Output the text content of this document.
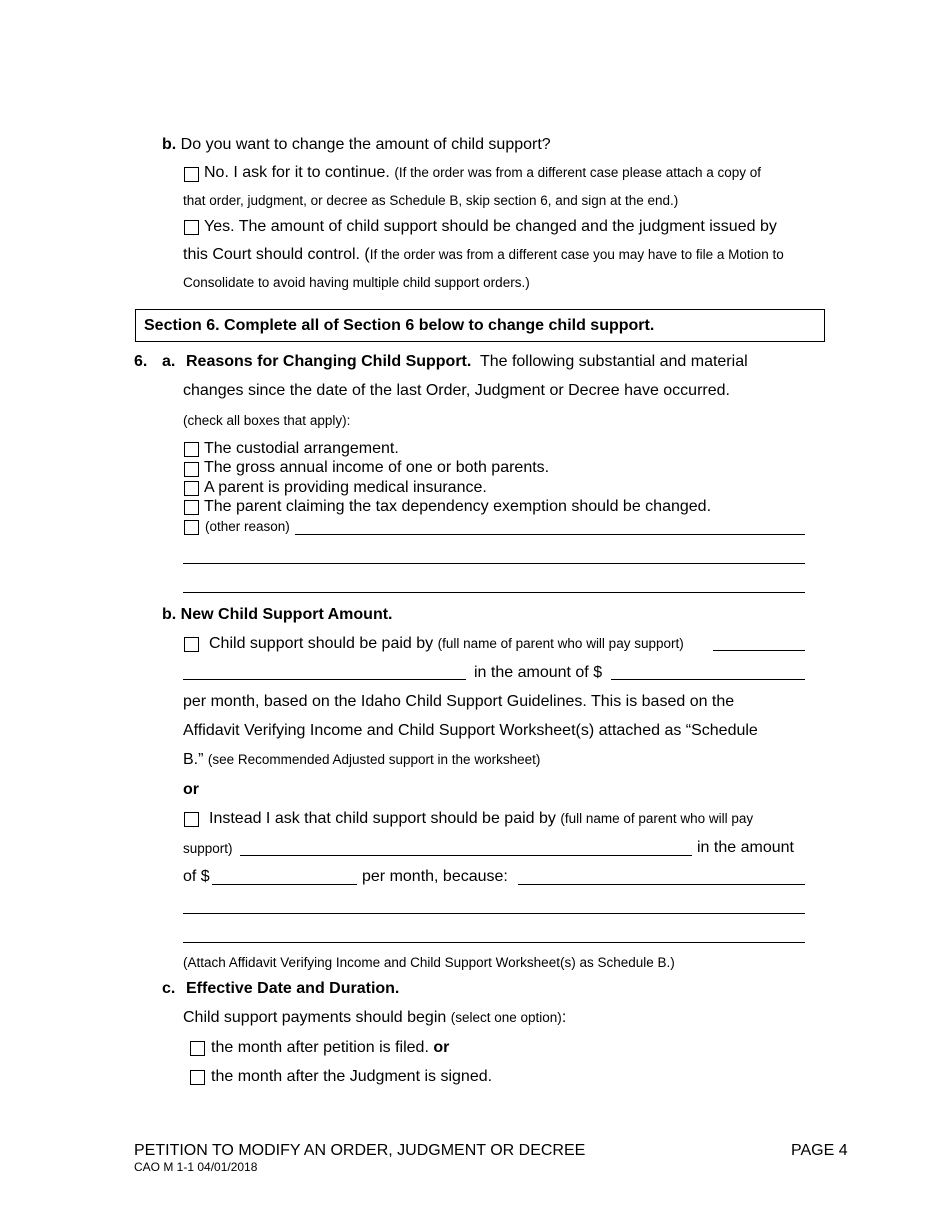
b. Do you want to change the amount of child support?
No. I ask for it to continue. (If the order was from a different case please attach a copy of
that order, judgment, or decree as Schedule B, skip section 6, and sign at the end.)
Yes. The amount of child support should be changed and the judgment issued by
this Court should control. (If the order was from a different case you may have to file a Motion to
Consolidate to avoid having multiple child support orders.)
Section 6. Complete all of Section 6 below to change child support.
6. a. Reasons for Changing Child Support. The following substantial and material
changes since the date of the last Order, Judgment or Decree have occurred.
(check all boxes that apply):
The custodial arrangement.
The gross annual income of one or both parents.
A parent is providing medical insurance.
The parent claiming the tax dependency exemption should be changed.
(other reason)
b. New Child Support Amount.
Child support should be paid by (full name of parent who will pay support)
in the amount of $
per month, based on the Idaho Child Support Guidelines. This is based on the
Affidavit Verifying Income and Child Support Worksheet(s) attached as “Schedule
B.” (see Recommended Adjusted support in the worksheet)
or
Instead I ask that child support should be paid by (full name of parent who will pay
support)	in the amount
of $	per month, because:
(Attach Affidavit Verifying Income and Child Support Worksheet(s) as Schedule B.)
c. Effective Date and Duration.
Child support payments should begin (select one option):
the month after petition is filed. or
the month after the Judgment is signed.
PETITION TO MODIFY AN ORDER, JUDGMENT OR DECREE
CAO M 1-1 04/01/2018
PAGE 4
